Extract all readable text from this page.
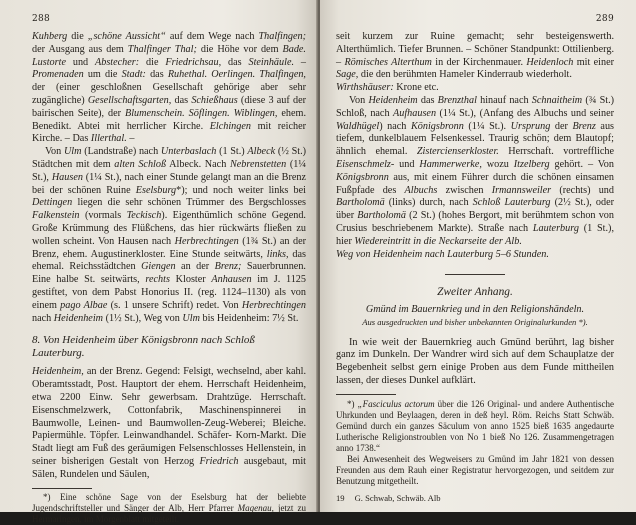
288

Kuhberg die „schöne Aussicht“ auf dem Wege nach Thalfingen; der Ausgang aus dem Thalfinger Thal; die Höhe vor dem Bade. Lustorte und Abstecher: die Friedrichsau, das Steinhäule. – Promenaden um die Stadt: das Ruhethal. Oerlingen. Thalfingen, der (einer geschloßnen Gesellschaft gehörige aber sehr zugängliche) Gesellschaftsgarten, das Schießhaus (diese 3 auf der bairischen Seite), der Blumenschein. Söflingen. Wiblingen, ehem. Benedikt. Abtei mit herrlicher Kirche. Elchingen mit reicher Kirche. – Das Illerthal. –

Von Ulm (Landstraße) nach Unterbaslach (1 St.) Albeck (½ St.) Städtchen mit dem alten Schloß Albeck. Nach Nebrenstetten (1¼ St.), Hausen (1¼ St.), nach einer Stunde gelangt man an die Brenz bei der schönen Ruine Eselsburg*); und noch weiter links bei Dettingen liegen die sehr schönen Trümmer des Bergschlosses Falkenstein (vormals Teckisch). Eigenthümlich schöne Gegend. Große Krümmung des Flüßchens, das hier rückwärts fließen zu wollen scheint. Von Hausen nach Herbrechtingen (1¾ St.) an der Brenz, ehem. Augustinerkloster. Eine Stunde seitwärts, links, das ehemal. Reichsstädtchen Giengen an der Brenz; Sauerbrunnen. Eine halbe St. seitwärts, rechts Kloster Anhausen im J. 1125 gestiftet, von dem Pabst Honorius II. (reg. 1124–1130) als von einem pago Albae (s. 1 unsere Schrift) redet. Von Herbrechtingen nach Heidenheim (1½ St.), Weg von Ulm bis Heidenheim: 7½ St.

8. Von Heidenheim über Königsbronn nach Schloß Lauterburg.

Heidenheim, an der Brenz. Gegend: Felsigt, wechselnd, aber kahl. Oberamtsstadt, Post. Hauptort der ehem. Herrschaft Heidenheim, etwa 2200 Einw. Sehr gewerbsam. Drahtzüge. Herrschaft. Eisenschmelzwerk, Cottonfabrik, Maschinenspinnerei in Baumwolle, Leinen- und Baumwollen-Zeug-Weberei; Bleiche. Papiermühle. Töpfer. Leinwandhandel. Schäfer- Korn-Markt. Die Stadt liegt am Fuß des geräumigen Felsenschlosses Hellenstein, in seiner bisherigen Gestalt von Herzog Friedrich ausgebaut, mit Sälen, Rundelen und Säulen,

*) Eine schöne Sage von der Eselsburg hat der beliebte Jugendschriftsteller und Sänger der Alb, Herr Pfarrer Magenau, jetzt zu Hermaringen, im Morgenblatt mitgeteilt.

289

seit kurzem zur Ruine gemacht; sehr besteigenswerth. Alterthümlich. Tiefer Brunnen. – Schöner Standpunkt: Ottilienberg. – Römisches Alterthum in der Kirchenmauer. Heidenloch mit einer Sage, die den berühmten Hameler Kinderraub wiederholt.

Wirthshäuser: Krone etc.

Von Heidenheim das Brenzthal hinauf nach Schnaitheim (¾ St.) Schloß, nach Aufhausen (1¼ St.), (Anfang des Albuchs und seiner Waldhügel) nach Königsbronn (1¼ St.). Ursprung der Brenz aus tiefem, dunkelblauem Felsenkessel. Traurig schön; dem Blautopf; ähnlich ehemal. Zistercienserkloster. Herrschaft. vortreffliche Eisenschmelz- und Hammerwerke, wozu Itzelberg gehört. – Von Königsbronn aus, mit einem Führer durch die schönen einsamen Fußpfade des Albuchs zwischen Irmannsweiler (rechts) und Bartholomä (links) durch, nach Schloß Lauterburg (2½ St.), oder über Bartholomä (2 St.) (hohes Bergort, mit berühmtem schon von Crusius beschriebenem Markte). Straße nach Lauterburg (1 St.), hier Wiedereintritt in die Neckarseite der Alb.

Weg von Heidenheim nach Lauterburg 5–6 Stunden.

Zweiter Anhang.
Gmünd im Bauernkrieg und in den Religionshändeln.
Aus ausgedruckten und bisher unbekannten Originalurkunden *).

In wie weit der Bauernkrieg auch Gmünd berührt, lag bisher ganz im Dunkeln. Der Wandrer wird sich auf dem Schauplatze der Begebenheit selbst gern einige Proben aus dem Funde mittheilen lassen, der dieses Dunkel aufklärt.

*) „Fasciculus actorum über die 126 Original- und andere Authentische Uhrkunden und Beylaagen, deren in deß heyl. Röm. Reichs Statt Schwäb. Gemünd durch ein ganzes Säculum von anno 1525 bieß 1635 angedaurte Lutherische Religionstroublen von No 1 bieß No 126. Zusammengetragen anno 1738.“

Bei Anwesenheit des Wegweisers zu Gmünd im Jahr 1821 von dessen Freunden aus dem Rauh einer Registratur hervorgezogen, und seitdem zur Benutzung mitgetheilt.

19 G. Schwab, Schwäb. Alb
